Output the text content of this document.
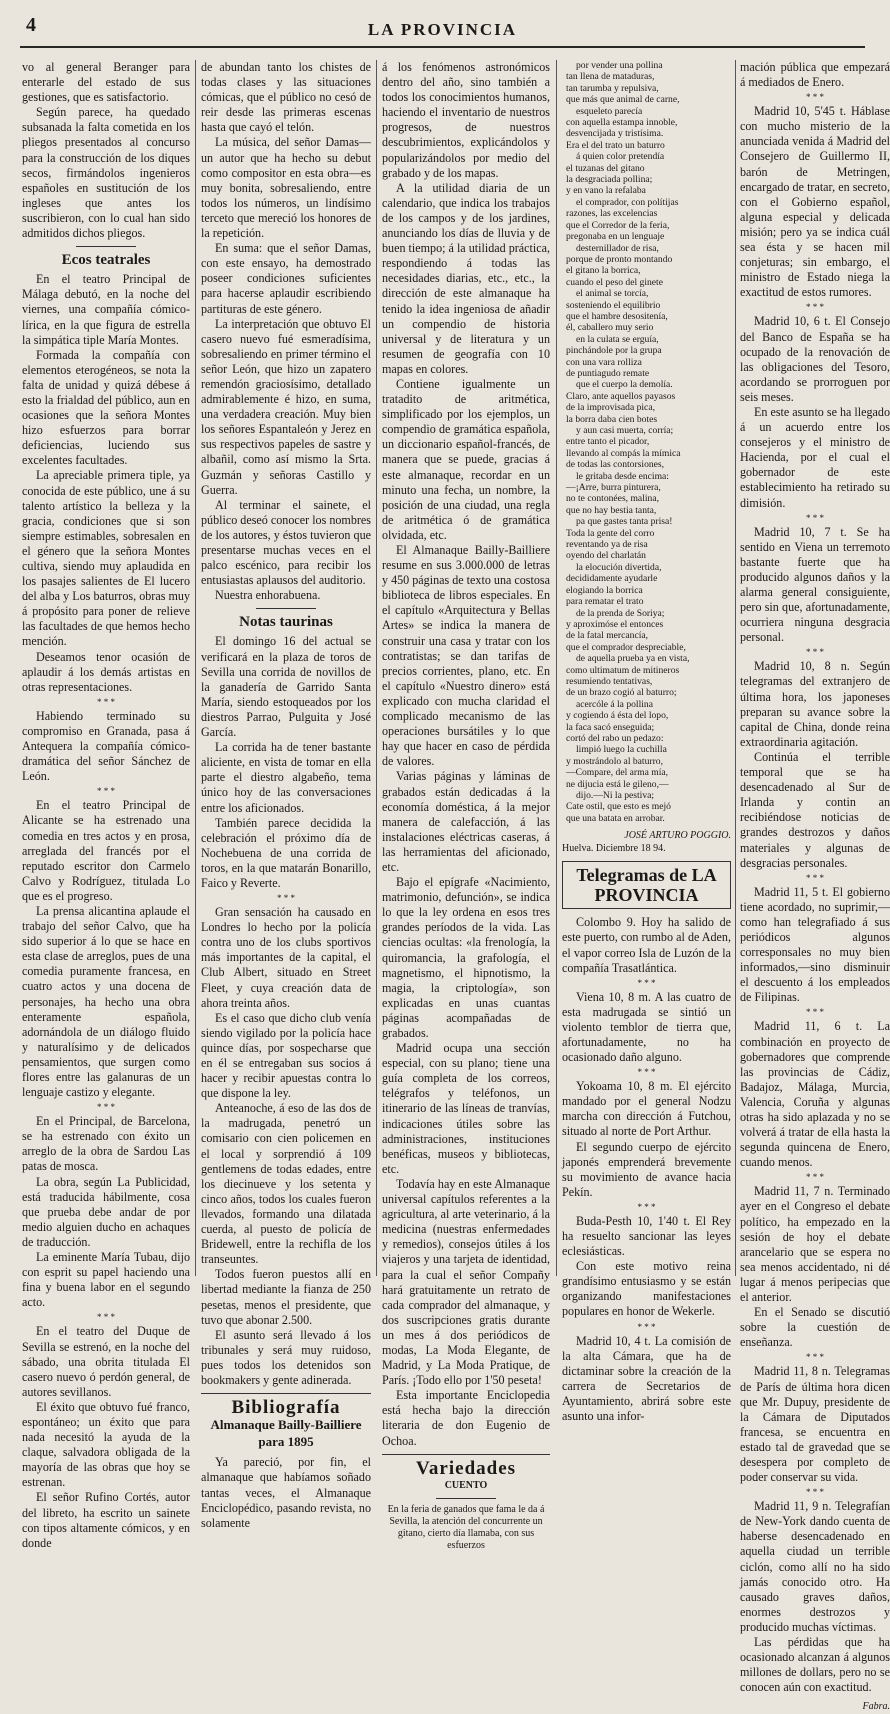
4	LA PROVINCIA

vo al general Beranger para enterarle del estado de sus gestiones, que es satisfactorio.

Según parece, ha quedado subsanada la falta cometida en los pliegos presentados al concurso para la construcción de los diques secos, firmándolos ingenieros españoles en sustitución de los ingleses que antes los suscribieron, con lo cual han sido admitidos dichos pliegos.

Ecos teatrales

En el teatro Principal de Málaga debutó, en la noche del viernes, una compañía cómico-lírica, en la que figura de estrella la simpática tiple María Montes.

Formada la compañía con elementos eterogéneos, se nota la falta de unidad y quizá débese á esto la frialdad del público, aun en ocasiones que la señora Montes hizo esfuerzos para borrar deficiencias, luciendo sus excelentes facultades.

La apreciable primera tiple, ya conocida de este público, une á su talento artístico la belleza y la gracia, condiciones que si son siempre estimables, sobresalen en el género que la señora Montes cultiva, siendo muy aplaudida en los pasajes salientes de El lucero del alba y Los baturros, obras muy á propósito para poner de relieve las facultades de que hemos hecho mención.

Deseamos tenor ocasión de aplaudir á los demás artistas en otras representaciones.

* * *

Habiendo terminado su compromiso en Granada, pasa á Antequera la compañía cómico-dramática del señor Sánchez de León.

* * *

En el teatro Principal de Alicante se ha estrenado una comedia en tres actos y en prosa, arreglada del francés por el reputado escritor don Carmelo Calvo y Rodríguez, titulada Lo que es el progreso.

La prensa alicantina aplaude el trabajo del señor Calvo, que ha sido superior á lo que se hace en esta clase de arreglos, pues de una comedia puramente francesa, en cuatro actos y una docena de personajes, ha hecho una obra enteramente española, adornándola de un diálogo fluido y naturalísimo y de delicados pensamientos, que surgen como flores entre las galanuras de un lenguaje castizo y elegante.

* * *

En el Principal, de Barcelona, se ha estrenado con éxito un arreglo de la obra de Sardou Las patas de mosca.

La obra, según La Publicidad, está traducida hábilmente, cosa que prueba debe andar de por medio alguien ducho en achaques de traducción.

La eminente María Tubau, dijo con esprit su papel haciendo una fina y buena labor en el segundo acto.

* * *

En el teatro del Duque de Sevilla se estrenó, en la noche del sábado, una obrita titulada El casero nuevo ó perdón general, de autores sevillanos.

El éxito que obtuvo fué franco, espontáneo; un éxito que para nada necesitó la ayuda de la claque, salvadora obligada de la mayoría de las obras que hoy se estrenan.

El señor Rufino Cortés, autor del libreto, ha escrito un sainete con tipos altamente cómicos, y en donde

de abundan tanto los chistes de todas clases y las situaciones cómicas, que el público no cesó de reir desde las primeras escenas hasta que cayó el telón.

La música, del señor Damas—un autor que ha hecho su debut como compositor en esta obra—es muy bonita, sobresaliendo, entre todos los números, un lindísimo terceto que mereció los honores de la repetición.

En suma: que el señor Damas, con este ensayo, ha demostrado poseer condiciones suficientes para hacerse aplaudir escribiendo partituras de este género.

La interpretación que obtuvo El casero nuevo fué esmeradísima, sobresaliendo en primer término el señor León, que hizo un zapatero remendón graciosísimo, detallado admirablemente é hizo, en suma, una verdadera creación. Muy bien los señores Espantaleón y Jerez en sus respectivos papeles de sastre y albañil, como así mismo la Srta. Guzmán y señoras Castillo y Guerra.

Al terminar el sainete, el público deseó conocer los nombres de los autores, y éstos tuvieron que presentarse muchas veces en el palco escénico, para recibir los entusiastas aplausos del auditorio.

Nuestra enhorabuena.

Notas taurinas

El domingo 16 del actual se verificará en la plaza de toros de Sevilla una corrida de novillos de la ganadería de Garrido Santa María, siendo estoqueados por los diestros Parrao, Pulguita y José García.

La corrida ha de tener bastante aliciente, en vista de tomar en ella parte el diestro algabeño, tema único hoy de las conversaciones entre los aficionados.

También parece decidida la celebración el próximo día de Nochebuena de una corrida de toros, en la que matarán Bonarillo, Faico y Reverte.

* * *

Gran sensación ha causado en Londres lo hecho por la policía contra uno de los clubs sportivos más importantes de la capital, el Club Albert, situado en Street Fleet, y cuya creación data de ahora treinta años.

Es el caso que dicho club venía siendo vigilado por la policía hace quince días, por sospecharse que en él se entregaban sus socios á hacer y recibir apuestas contra lo que dispone la ley.

Anteanoche, á eso de las dos de la madrugada, penetró un comisario con cien policemen en el local y sorprendió á 109 gentlemens de todas edades, entre los diecinueve y los setenta y cinco años, todos los cuales fueron llevados, formando una dilatada cuerda, al puesto de policía de Bridewell, entre la rechifla de los transeuntes.

Todos fueron puestos allí en libertad mediante la fianza de 250 pesetas, menos el presidente, que tuvo que abonar 2.500.

El asunto será llevado á los tribunales y será muy ruidoso, pues todos los detenidos son bookmakers y gente adinerada.

Bibliografía
Almanaque Bailly-Bailliere
para 1895

Ya pareció, por fin, el almanaque que habíamos soñado tantas veces, el Almanaque Enciclopédico, pasando revista, no solamente

á los fenómenos astronómicos dentro del año, sino también a todos los conocimientos humanos, haciendo el inventario de nuestros progresos, de nuestros descubrimientos, explicándolos y popularizándolos por medio del grabado y de los mapas.

A la utilidad diaria de un calendario, que indica los trabajos de los campos y de los jardines, anunciando los días de lluvia y de buen tiempo; á la utilidad práctica, respondiendo á todas las necesidades diarias, etc., etc., la dirección de este almanaque ha tenido la idea ingeniosa de añadir un compendio de historia universal y de literatura y un resumen de geografía con 10 mapas en colores.

Contiene igualmente un tratadito de aritmética, simplificado por los ejemplos, un compendio de gramática española, un diccionario español-francés, de manera que se puede, gracias á este almanaque, recordar en un minuto una fecha, un nombre, la posición de una ciudad, una regla de aritmética ó de gramática olvidada, etc.

El Almanaque Bailly-Bailliere resume en sus 3.000.000 de letras y 450 páginas de texto una costosa biblioteca de libros especiales. En el capítulo «Arquitectura y Bellas Artes» se indica la manera de construir una casa y tratar con los contratistas; se dan tarifas de precios corrientes, plano, etc. En el capítulo «Nuestro dinero» está explicado con mucha claridad el complicado mecanismo de las operaciones bursátiles y lo que hay que hacer en caso de pérdida de valores.

Varias páginas y láminas de grabados están dedicadas á la economía doméstica, á la mejor manera de calefacción, á las instalaciones eléctricas caseras, á las herramientas del aficionado, etc.

Bajo el epígrafe «Nacimiento, matrimonio, defunción», se indica lo que la ley ordena en esos tres grandes períodos de la vida. Las ciencias ocultas: «la frenología, la quiromancia, la grafología, el magnetismo, el hipnotismo, la magia, la criptología», son explicadas en unas cuantas páginas acompañadas de grabados.

Madrid ocupa una sección especial, con su plano; tiene una guía completa de los correos, telégrafos y teléfonos, un itinerario de las líneas de tranvías, indicaciones útiles sobre las administraciones, instituciones benéficas, museos y bibliotecas, etc.

Todavía hay en este Almanaque universal capítulos referentes a la agricultura, al arte veterinario, á la medicina (nuestras enfermedades y remedios), consejos útiles á los viajeros y una tarjeta de identidad, para la cual el señor Compañy hará gratuitamente un retrato de cada comprador del almanaque, y dos suscripciones gratis durante un mes á dos periódicos de modas, La Moda Elegante, de Madrid, y La Moda Pratique, de París. ¡Todo ello por 1'50 peseta!

Esta importante Enciclopedia está hecha bajo la dirección literaria de don Eugenio de Ochoa.

Variedades
CUENTO

En la feria de ganados que fama le da á Sevilla, la atención del concurrente un gitano, cierto día llamaba, con sus esfuerzos

por vender una pollina
tan llena de mataduras,
tan tarumba y repulsiva,
que más que animal de carne,
esqueleto parecía
con aquella estampa innoble,
desvencijada y tristísima.
Era el del trato un baturro
á quien color pretendía
el tuzanas del gitano
la desgraciada pollina;
y en vano la refalaba
el comprador, con polítijas
razones, las excelencias
que el Corredor de la feria,
pregonaba en un lenguaje
desternillador de risa,
porque de pronto montando
el gitano la borrica,
cuando el peso del ginete
el animal se torcía,
sosteniendo el equilibrio
que el hambre desositenía,
él, caballero muy serio
en la culata se erguía,
pinchándole por la grupa
con una vara rolliza
de puntiagudo remate
que el cuerpo la demolía.
Claro, ante aquellos payasos
de la improvisada pica,
la borra daba cien botes
y aun casi muerta, corría;
entre tanto el picador,
llevando al compás la mímica
de todas las contorsiones,
le gritaba desde encima:
—¡Arre, burra pinturera,
no te contonées, malina,
que no hay bestia tanta,
pa que gastes tanta prisa!
Toda la gente del corro
reventando ya de risa
oyendo del charlatán
la elocución divertida,
decididamente ayudarle
elogiando la borrica
para rematar el trato
de la prenda de Soriya;
y aproximóse el entonces
de la fatal mercancía,
que el comprador despreciable,
de aquella prueba ya en vista,
como ultimatum de mitineros
resumiendo tentativas,
de un brazo cogió al baturro;
acercóle á la pollina
y cogiendo á ésta del lopo,
la faca sacó enseguida;
cortó del rabo un pedazo:
limpió luego la cuchilla
y mostrándolo al baturro,
—Compare, del arma mía,
ne dijucia está le gileno,—
dijo.—Ni la pestiva;
Cate ostil, que esto es mejó
que una batata en arrobar.
JOSÉ ARTURO POGGIO.
Huelva. Diciembre 18 94.
Telegramas de LA PROVINCIA

Colombo 9. Hoy ha salido de este puerto, con rumbo al de Aden, el vapor correo Isla de Luzón de la compañía Trasatlántica.

* * *

Viena 10, 8 m. A las cuatro de esta madrugada se sintió un violento temblor de tierra que, afortunadamente, no ha ocasionado daño alguno.

* * *

Yokoama 10, 8 m. El ejército mandado por el general Nodzu marcha con dirección á Futchou, situado al norte de Port Arthur.

El segundo cuerpo de ejército japonés emprenderá brevemente su movimiento de avance hacia Pekín.

* * *

Buda-Pesth 10, 1'40 t. El Rey ha resuelto sancionar las leyes eclesiásticas.

Con este motivo reina grandísimo entusiasmo y se están organizando manifestaciones populares en honor de Wekerle.

* * *

Madrid 10, 4 t. La comisión de la alta Cámara, que ha de dictaminar sobre la creación de la carrera de Secretarios de Ayuntamiento, abrirá sobre este asunto una infor-

mación pública que empezará á mediados de Enero.

* * *

Madrid 10, 5'45 t. Háblase con mucho misterio de la anunciada venida á Madrid del Consejero de Guillermo II, barón de Metringen, encargado de tratar, en secreto, con el Gobierno español, alguna especial y delicada misión; pero ya se indica cuál sea ésta y se hacen mil conjeturas; sin embargo, el ministro de Estado niega la exactitud de estos rumores.

* * *

Madrid 10, 6 t. El Consejo del Banco de España se ha ocupado de la renovación de las obligaciones del Tesoro, acordando se prorroguen por seis meses.

En este asunto se ha llegado á un acuerdo entre los consejeros y el ministro de Hacienda, por el cual el gobernador de este establecimiento ha retirado su dimisión.

* * *

Madrid 10, 7 t. Se ha sentido en Viena un terremoto bastante fuerte que ha producido algunos daños y la alarma general consiguiente, pero sin que, afortunadamente, ocurriera ninguna desgracia personal.

* * *

Madrid 10, 8 n. Según telegramas del extranjero de última hora, los japoneses preparan su avance sobre la capital de China, donde reina extraordinaria agitación.

Continúa el terrible temporal que se ha desencadenado al Sur de Irlanda y contin an recibiéndose noticias de grandes destrozos y daños materiales y algunas de desgracias personales.

* * *

Madrid 11, 5 t. El gobierno tiene acordado, no suprimir,—como han telegrafiado á sus periódicos algunos corresponsales no muy bien informados,—sino disminuir el descuento á los empleados de Filipinas.

* * *

Madrid 11, 6 t. La combinación en proyecto de gobernadores que comprende las provincias de Cádiz, Badajoz, Málaga, Murcia, Valencia, Coruña y algunas otras ha sido aplazada y no se volverá á tratar de ella hasta la segunda quincena de Enero, cuando menos.

* * *

Madrid 11, 7 n. Terminado ayer en el Congreso el debate político, ha empezado en la sesión de hoy el debate arancelario que se espera no sea menos accidentado, ni dé lugar á menos peripecias que el anterior.

En el Senado se discutió sobre la cuestión de enseñanza.

* * *

Madrid 11, 8 n. Telegramas de París de última hora dicen que Mr. Dupuy, presidente de la Cámara de Diputados francesa, se encuentra en estado tal de gravedad que se desespera por completo de poder conservar su vida.

* * *

Madrid 11, 9 n. Telegrafían de New-York dando cuenta de haberse desencadenado en aquella ciudad un terrible ciclón, como allí no ha sido jamás conocido otro. Ha causado graves daños, enormes destrozos y producido muchas víctimas.

Las pérdidas que ha ocasionado alcanzan á algunos millones de dollars, pero no se conocen aún con exactitud.

Fabra.
